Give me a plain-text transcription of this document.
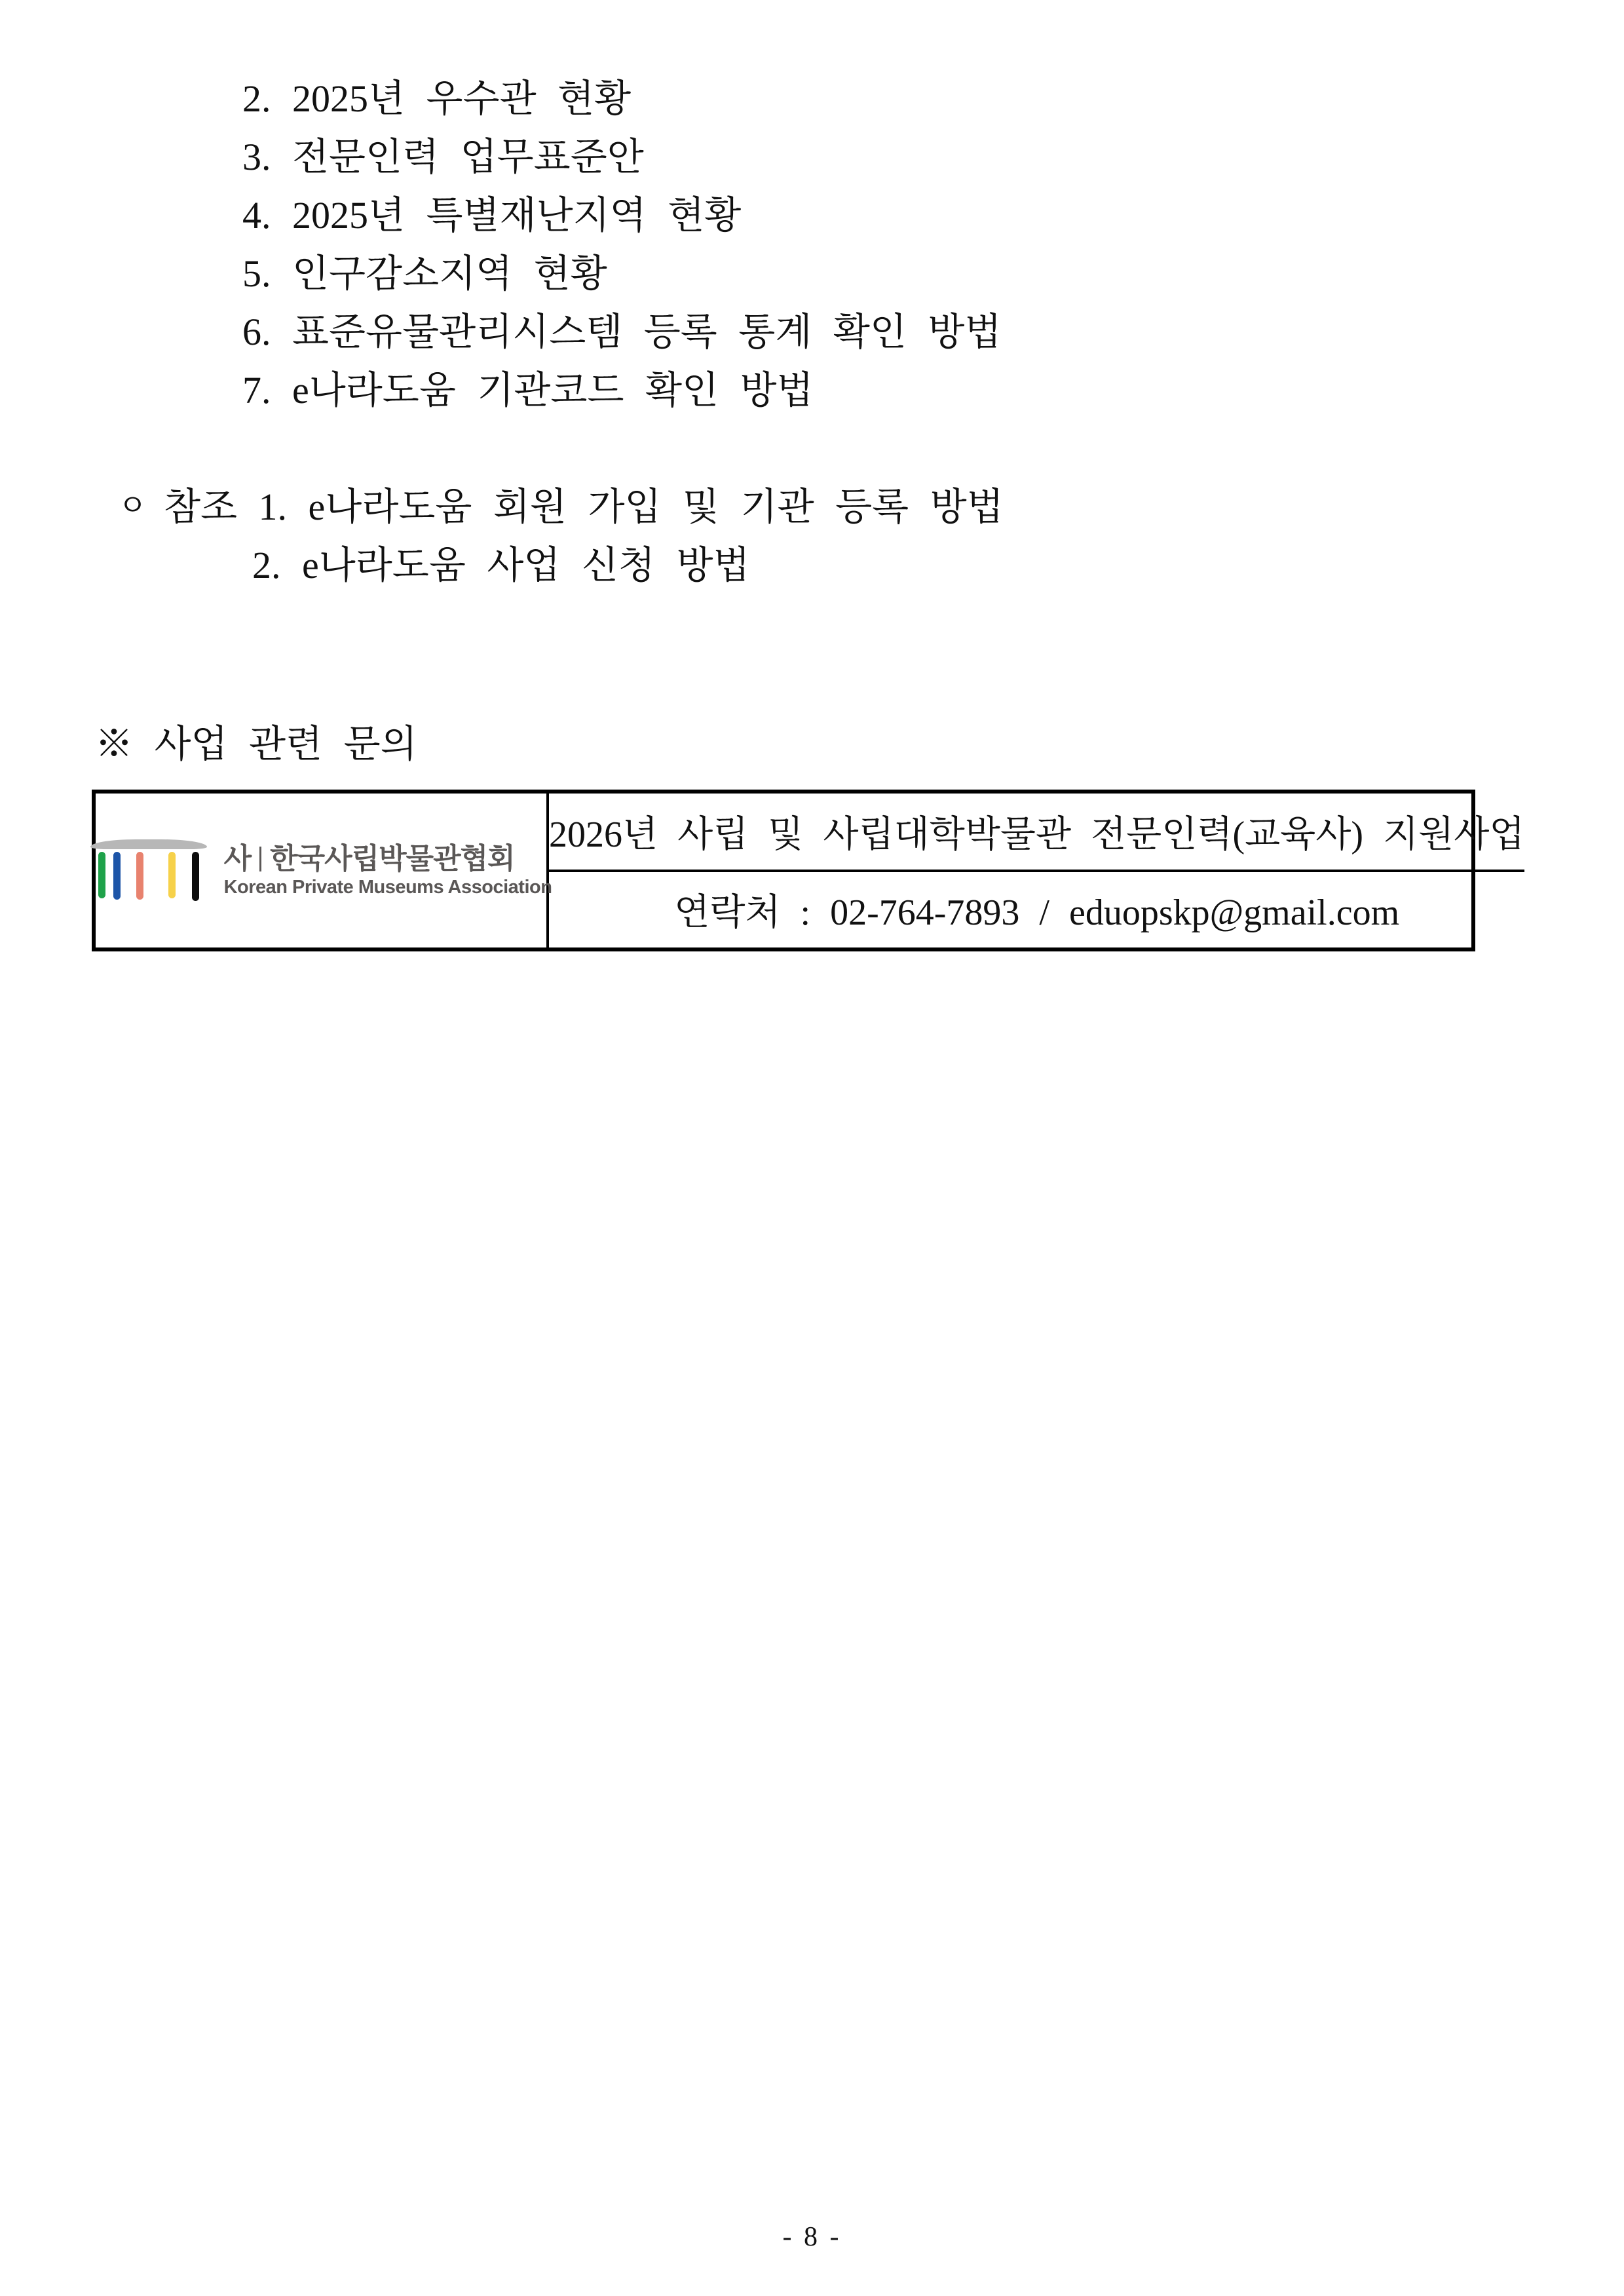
2. 2025년 우수관 현황
3. 전문인력 업무표준안
4. 2025년 특별재난지역 현황
5. 인구감소지역 현황
6. 표준유물관리시스템 등록 통계 확인 방법
7. e나라도움 기관코드 확인 방법
ㅇ 참조 1. e나라도움 회원 가입 및 기관 등록 방법
2. e나라도움 사업 신청 방법
※ 사업 관련 문의
사 한국사립박물관협회
Korean Private Museums Association
2026년 사립 및 사립대학박물관 전문인력(교육사) 지원사업
연락처 : 02-764-7893 / eduopskp@gmail.com
- 8 -
